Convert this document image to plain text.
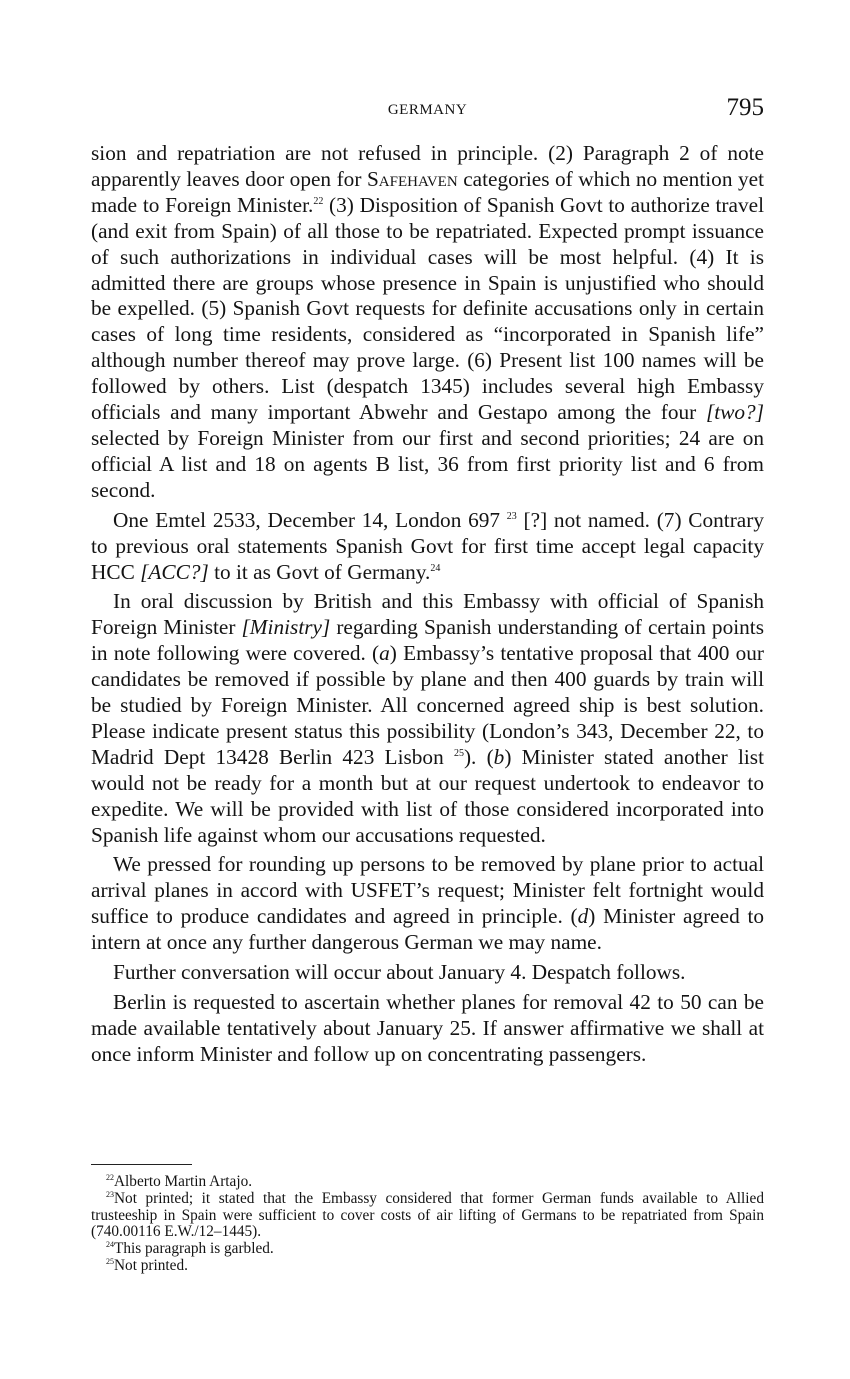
GERMANY	795

sion and repatriation are not refused in principle. (2) Paragraph 2 of note apparently leaves door open for Safehaven categories of which no mention yet made to Foreign Minister.$^{22}$ (3) Disposition of Spanish Govt to authorize travel (and exit from Spain) of all those to be repatriated. Expected prompt issuance of such authorizations in individual cases will be most helpful. (4) It is admitted there are groups whose presence in Spain is unjustified who should be expelled. (5) Spanish Govt requests for definite accusations only in certain cases of long time residents, considered as “incorporated in Spanish life” although number thereof may prove large. (6) Present list 100 names will be followed by others. List (despatch 1345) includes several high Embassy officials and many important Abwehr and Gestapo among the four [two?] selected by Foreign Minister from our first and second priorities; 24 are on official A list and 18 on agents B list, 36 from first priority list and 6 from second.

One Emtel 2533, December 14, London 697 $^{23}$ [?] not named. (7) Contrary to previous oral statements Spanish Govt for first time accept legal capacity HCC [ACC?] to it as Govt of Germany.$^{24}$

In oral discussion by British and this Embassy with official of Spanish Foreign Minister [Ministry] regarding Spanish understanding of certain points in note following were covered. (a) Embassy’s tentative proposal that 400 our candidates be removed if possible by plane and then 400 guards by train will be studied by Foreign Minister. All concerned agreed ship is best solution. Please indicate present status this possibility (London’s 343, December 22, to Madrid Dept 13428 Berlin 423 Lisbon $^{25}$). (b) Minister stated another list would not be ready for a month but at our request undertook to endeavor to expedite. We will be provided with list of those considered incorporated into Spanish life against whom our accusations requested.

We pressed for rounding up persons to be removed by plane prior to actual arrival planes in accord with USFET’s request; Minister felt fortnight would suffice to produce candidates and agreed in principle. (d) Minister agreed to intern at once any further dangerous German we may name.

Further conversation will occur about January 4. Despatch follows.

Berlin is requested to ascertain whether planes for removal 42 to 50 can be made available tentatively about January 25. If answer affirmative we shall at once inform Minister and follow up on concentrating passengers.

$^{22}$Alberto Martin Artajo.

$^{23}$Not printed; it stated that the Embassy considered that former German funds available to Allied trusteeship in Spain were sufficient to cover costs of air lifting of Germans to be repatriated from Spain (740.00116 E.W./12–1445).

$^{24}$This paragraph is garbled.

$^{25}$Not printed.
